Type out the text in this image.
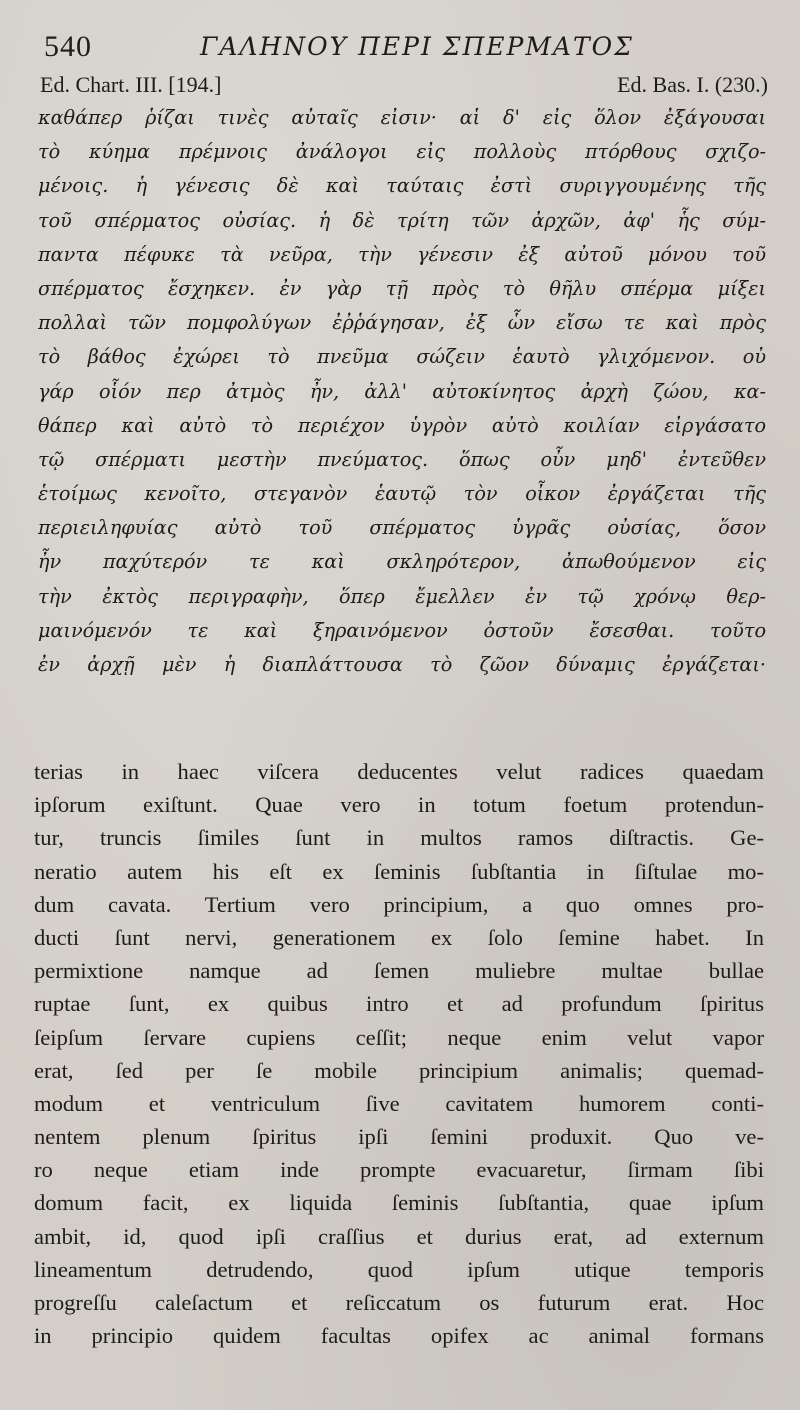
540	ΓΑΛΗΝΟΥ ΠΕΡΙ ΣΠΕΡΜΑΤΟΣ
Ed. Chart. III. [194.]	Ed. Bas. I. (230.)
καθάπερ ῥίζαι τινὲς αὐταῖς εἰσιν· αἱ δ' εἰς ὅλον ἐξάγουσαι
τὸ κύημα πρέμνοις ἀνάλογοι εἰς πολλοὺς πτόρθους σχιζο-
μένοις. ἡ γένεσις δὲ καὶ ταύταις ἐστὶ συριγγουμένης τῆς
τοῦ σπέρματος οὐσίας. ἡ δὲ τρίτη τῶν ἀρχῶν, ἀφ' ἧς σύμ-
παντα πέφυκε τὰ νεῦρα, τὴν γένεσιν ἐξ αὐτοῦ μόνου τοῦ
σπέρματος ἔσχηκεν. ἐν γὰρ τῇ πρὸς τὸ θῆλυ σπέρμα μίξει
πολλαὶ τῶν πομφολύγων ἐῤῥάγησαν, ἐξ ὧν εἴσω τε καὶ πρὸς
τὸ βάθος ἐχώρει τὸ πνεῦμα σώζειν ἑαυτὸ γλιχόμενον. οὐ
γάρ οἷόν περ ἀτμὸς ἦν, ἀλλ' αὐτοκίνητος ἀρχὴ ζώου, κα-
θάπερ καὶ αὐτὸ τὸ περιέχον ὑγρὸν αὐτὸ κοιλίαν εἰργάσατο
τῷ σπέρματι μεστὴν πνεύματος. ὅπως οὖν μηδ' ἐντεῦθεν
ἑτοίμως κενοῖτο, στεγανὸν ἑαυτῷ τὸν οἶκον ἐργάζεται τῆς
περιειληφυίας αὐτὸ τοῦ σπέρματος ὑγρᾶς οὐσίας, ὅσον
ἦν παχύτερόν τε καὶ σκληρότερον, ἀπωθούμενον εἰς
τὴν ἐκτὸς περιγραφὴν, ὅπερ ἔμελλεν ἐν τῷ χρόνῳ θερ-
μαινόμενόν τε καὶ ξηραινόμενον ὀστοῦν ἔσεσθαι. τοῦτο
ἐν ἀρχῇ μὲν ἡ διαπλάττουσα τὸ ζῶον δύναμις ἐργάζεται·
terias in haec viſcera deducentes velut radices quaedam
ipſorum exiſtunt. Quae vero in totum foetum protendun-
tur, truncis ſimiles ſunt in multos ramos diſtractis. Ge-
neratio autem his eſt ex ſeminis ſubſtantia in ſiſtulae mo-
dum cavata. Tertium vero principium, a quo omnes pro-
ducti ſunt nervi, generationem ex ſolo ſemine habet. In
permixtione namque ad ſemen muliebre multae bullae
ruptae ſunt, ex quibus intro et ad profundum ſpiritus
ſeipſum ſervare cupiens ceſſit; neque enim velut vapor
erat, ſed per ſe mobile principium animalis; quemad-
modum et ventriculum ſive cavitatem humorem conti-
nentem plenum ſpiritus ipſi ſemini produxit. Quo ve-
ro neque etiam inde prompte evacuaretur, ſirmam ſibi
domum facit, ex liquida ſeminis ſubſtantia, quae ipſum
ambit, id, quod ipſi craſſius et durius erat, ad externum
lineamentum detrudendo, quod ipſum utique temporis
progreſſu caleſactum et reſiccatum os futurum erat. Hoc
in principio quidem facultas opifex ac animal formans
